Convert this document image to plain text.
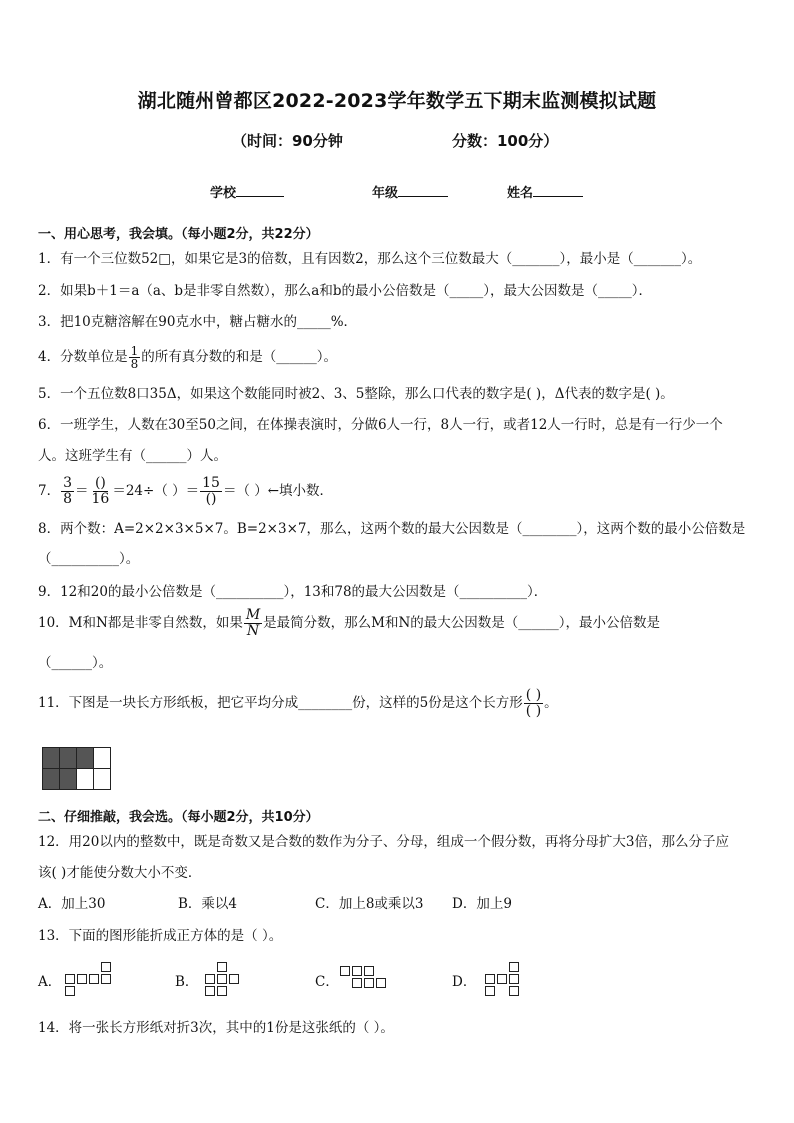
湖北随州曾都区2022-2023学年数学五下期末监测模拟试题
（时间：90分钟	分数：100分）
学校	年级	姓名
一、用心思考，我会填。（每小题2分，共22分）
1．有一个三位数52□，如果它是3的倍数，且有因数2，那么这个三位数最大（_______），最小是（_______）。
2．如果b＋1＝a（a、b是非零自然数），那么a和b的最小公倍数是（_____），最大公因数是（_____）．
3．把10克糖溶解在90克水中，糖占糖水的_____%．
4．分数单位是 $\frac{1}{8}$ 的所有真分数的和是（______）。
5．一个五位数8口35Δ，如果这个数能同时被2、3、5整除，那么口代表的数字是( )，Δ代表的数字是( )。
6．一班学生，人数在30至50之间，在体操表演时，分做6人一行，8人一行，或者12人一行时，总是有一行少一个
人。这班学生有（______）人。
7． $\frac{3}{8} = \frac{()}{16} =24\div$（ ）＝ $\frac{15}{()}$ ＝（ ）←填小数．
8．两个数：A=2×2×3×5×7。B=2×3×7，那么，这两个数的最大公因数是（________），这两个数的最小公倍数是
（__________）。
9．12和20的最小公倍数是（__________），13和78的最大公因数是（__________）．
10．M和N都是非零自然数，如果 $\frac{M}{N}$ 是最简分数，那么M和N的最大公因数是（______），最小公倍数是
（______）。
11．下图是一块长方形纸板，把它平均分成________份，这样的5份是这个长方形 $\frac{( )}{( )}$ 。

二、仔细推敲，我会选。（每小题2分，共10分）
12．用20以内的整数中，既是奇数又是合数的数作为分子、分母，组成一个假分数，再将分母扩大3倍，那么分子应
该( )才能使分数大小不变．
A．加上30	B．乘以4	C．加上8或乘以3 D．加上9
13．下面的图形能折成正方体的是（ ）。
A．	B．	C．	D．
14．将一张长方形纸对折3次，其中的1份是这张纸的（ ）。
